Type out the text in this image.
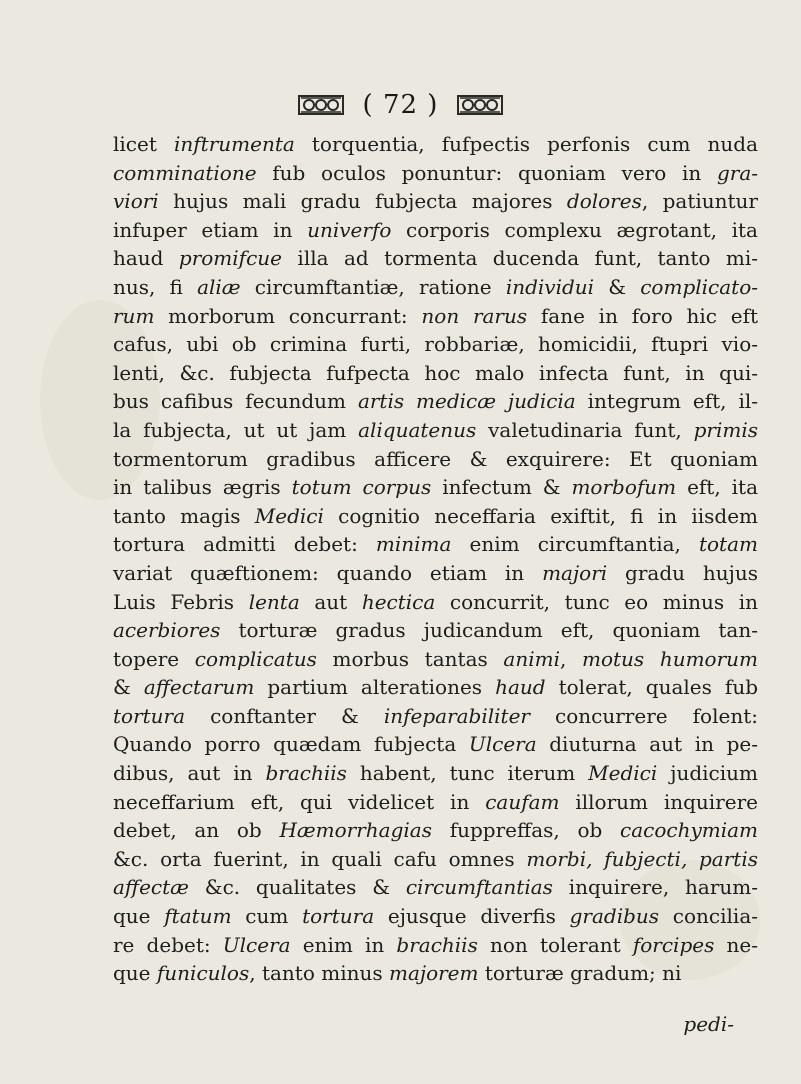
( 72 )
licet inftrumenta torquentia, fufpectis perfonis cum nuda
comminatione fub oculos ponuntur: quoniam vero in gra-
viori hujus mali gradu fubjecta majores dolores, patiuntur
infuper etiam in univerfo corporis complexu ægrotant, ita
haud promifcue illa ad tormenta ducenda funt, tanto mi-
nus, fi aliæ circumftantiæ, ratione individui & complicato-
rum morborum concurrant: non rarus fane in foro hic eft
cafus, ubi ob crimina furti, robbariæ, homicidii, ftupri vio-
lenti, &c. fubjecta fufpecta hoc malo infecta funt, in qui-
bus cafibus fecundum artis medicæ judicia integrum eft, il-
la fubjecta, ut ut jam aliquatenus valetudinaria funt, primis
tormentorum gradibus afficere & exquirere: Et quoniam
in talibus ægris totum corpus infectum & morbofum eft, ita
tanto magis Medici cognitio neceffaria exiftit, fi in iisdem
tortura admitti debet: minima enim circumftantia, totam
variat quæftionem: quando etiam in majori gradu hujus
Luis Febris lenta aut hectica concurrit, tunc eo minus in
acerbiores torturæ gradus judicandum eft, quoniam tan-
topere complicatus morbus tantas animi, motus humorum
& affectarum partium alterationes haud tolerat, quales fub
tortura conftanter & infeparabiliter concurrere folent:
Quando porro quædam fubjecta Ulcera diuturna aut in pe-
dibus, aut in brachiis habent, tunc iterum Medici judicium
neceffarium eft, qui videlicet in caufam illorum inquirere
debet, an ob Hæmorrhagias fuppreffas, ob cacochymiam
&c. orta fuerint, in quali cafu omnes morbi, fubjecti, partis
affectæ &c. qualitates & circumftantias inquirere, harum-
que ftatum cum tortura ejusque diverfis gradibus concilia-
re debet: Ulcera enim in brachiis non tolerant forcipes ne-
que funiculos, tanto minus majorem torturæ gradum; ni
pedi-
